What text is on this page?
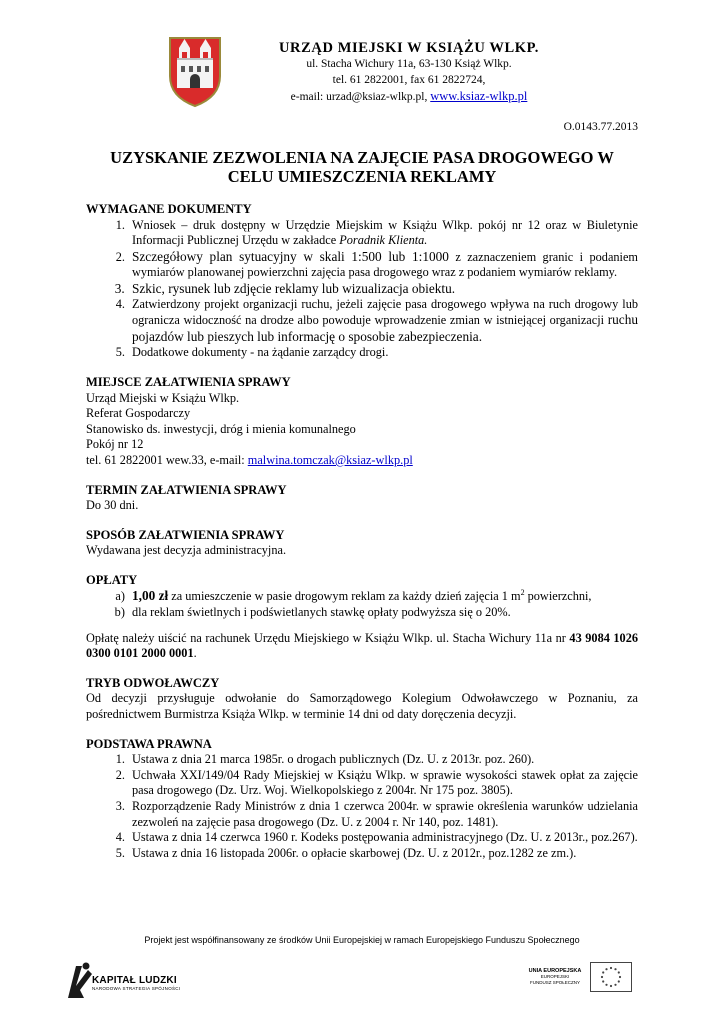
URZĄD MIEJSKI W KSIĄŻU WLKP.
ul. Stacha Wichury 11a, 63-130 Książ Wlkp.
tel. 61 2822001, fax 61 2822724,
e-mail: urzad@ksiaz-wlkp.pl, www.ksiaz-wlkp.pl
O.0143.77.2013
UZYSKANIE ZEZWOLENIA NA ZAJĘCIE PASA DROGOWEGO W
CELU UMIESZCZENIA REKLAMY
WYMAGANE DOKUMENTY
1. Wniosek – druk dostępny w Urzędzie Miejskim w Książu Wlkp. pokój nr 12 oraz w Biuletynie Informacji Publicznej Urzędu w zakładce Poradnik Klienta.
2. Szczegółowy plan sytuacyjny w skali 1:500 lub 1:1000 z zaznaczeniem granic i podaniem wymiarów planowanej powierzchni zajęcia pasa drogowego wraz z podaniem wymiarów reklamy.
3. Szkic, rysunek lub zdjęcie reklamy lub wizualizacja obiektu.
4. Zatwierdzony projekt organizacji ruchu, jeżeli zajęcie pasa drogowego wpływa na ruch drogowy lub ogranicza widoczność na drodze albo powoduje wprowadzenie zmian w istniejącej organizacji ruchu pojazdów lub pieszych lub informację o sposobie zabezpieczenia.
5. Dodatkowe dokumenty - na żądanie zarządcy drogi.
MIEJSCE ZAŁATWIENIA SPRAWY
Urząd Miejski w Książu Wlkp.
Referat Gospodarczy
Stanowisko ds. inwestycji, dróg i mienia komunalnego
Pokój nr 12
tel. 61 2822001 wew.33, e-mail: malwina.tomczak@ksiaz-wlkp.pl
TERMIN ZAŁATWIENIA SPRAWY
Do 30 dni.
SPOSÓB ZAŁATWIENIA SPRAWY
Wydawana jest decyzja administracyjna.
OPŁATY
a. 1,00 zł za umieszczenie w pasie drogowym reklam za każdy dzień zajęcia 1 $m^2$ powierzchni,
b. dla reklam świetlnych i podświetlanych stawkę opłaty podwyższa się o 20%.
Opłatę należy uiścić na rachunek Urzędu Miejskiego w Książu Wlkp. ul. Stacha Wichury 11a nr 43 9084 1026 0300 0101 2000 0001.
TRYB ODWOŁAWCZY
Od decyzji przysługuje odwołanie do Samorządowego Kolegium Odwoławczego w Poznaniu, za pośrednictwem Burmistrza Książa Wlkp. w terminie 14 dni od daty doręczenia decyzji.
PODSTAWA PRAWNA
1. Ustawa z dnia 21 marca 1985r. o drogach publicznych (Dz. U. z 2013r. poz. 260).
2. Uchwała XXI/149/04 Rady Miejskiej w Książu Wlkp. w sprawie wysokości stawek opłat za zajęcie pasa drogowego (Dz. Urz. Woj. Wielkopolskiego z 2004r. Nr 175 poz. 3805).
3. Rozporządzenie Rady Ministrów z dnia 1 czerwca 2004r. w sprawie określenia warunków udzielania zezwoleń na zajęcie pasa drogowego (Dz. U. z 2004 r. Nr 140, poz. 1481).
4. Ustawa z dnia 14 czerwca 1960 r. Kodeks postępowania administracyjnego (Dz. U. z 2013r., poz.267).
5. Ustawa z dnia 16 listopada 2006r. o opłacie skarbowej (Dz. U. z 2012r., poz.1282 ze zm.).
Projekt jest współfinansowany ze środków Unii Europejskiej w ramach Europejskiego Funduszu Społecznego
KAPITAŁ LUDZKI
NARODOWA STRATEGIA SPÓJNOŚCI
UNIA EUROPEJSKA
EUROPEJSKI
FUNDUSZ SPOŁECZNY
